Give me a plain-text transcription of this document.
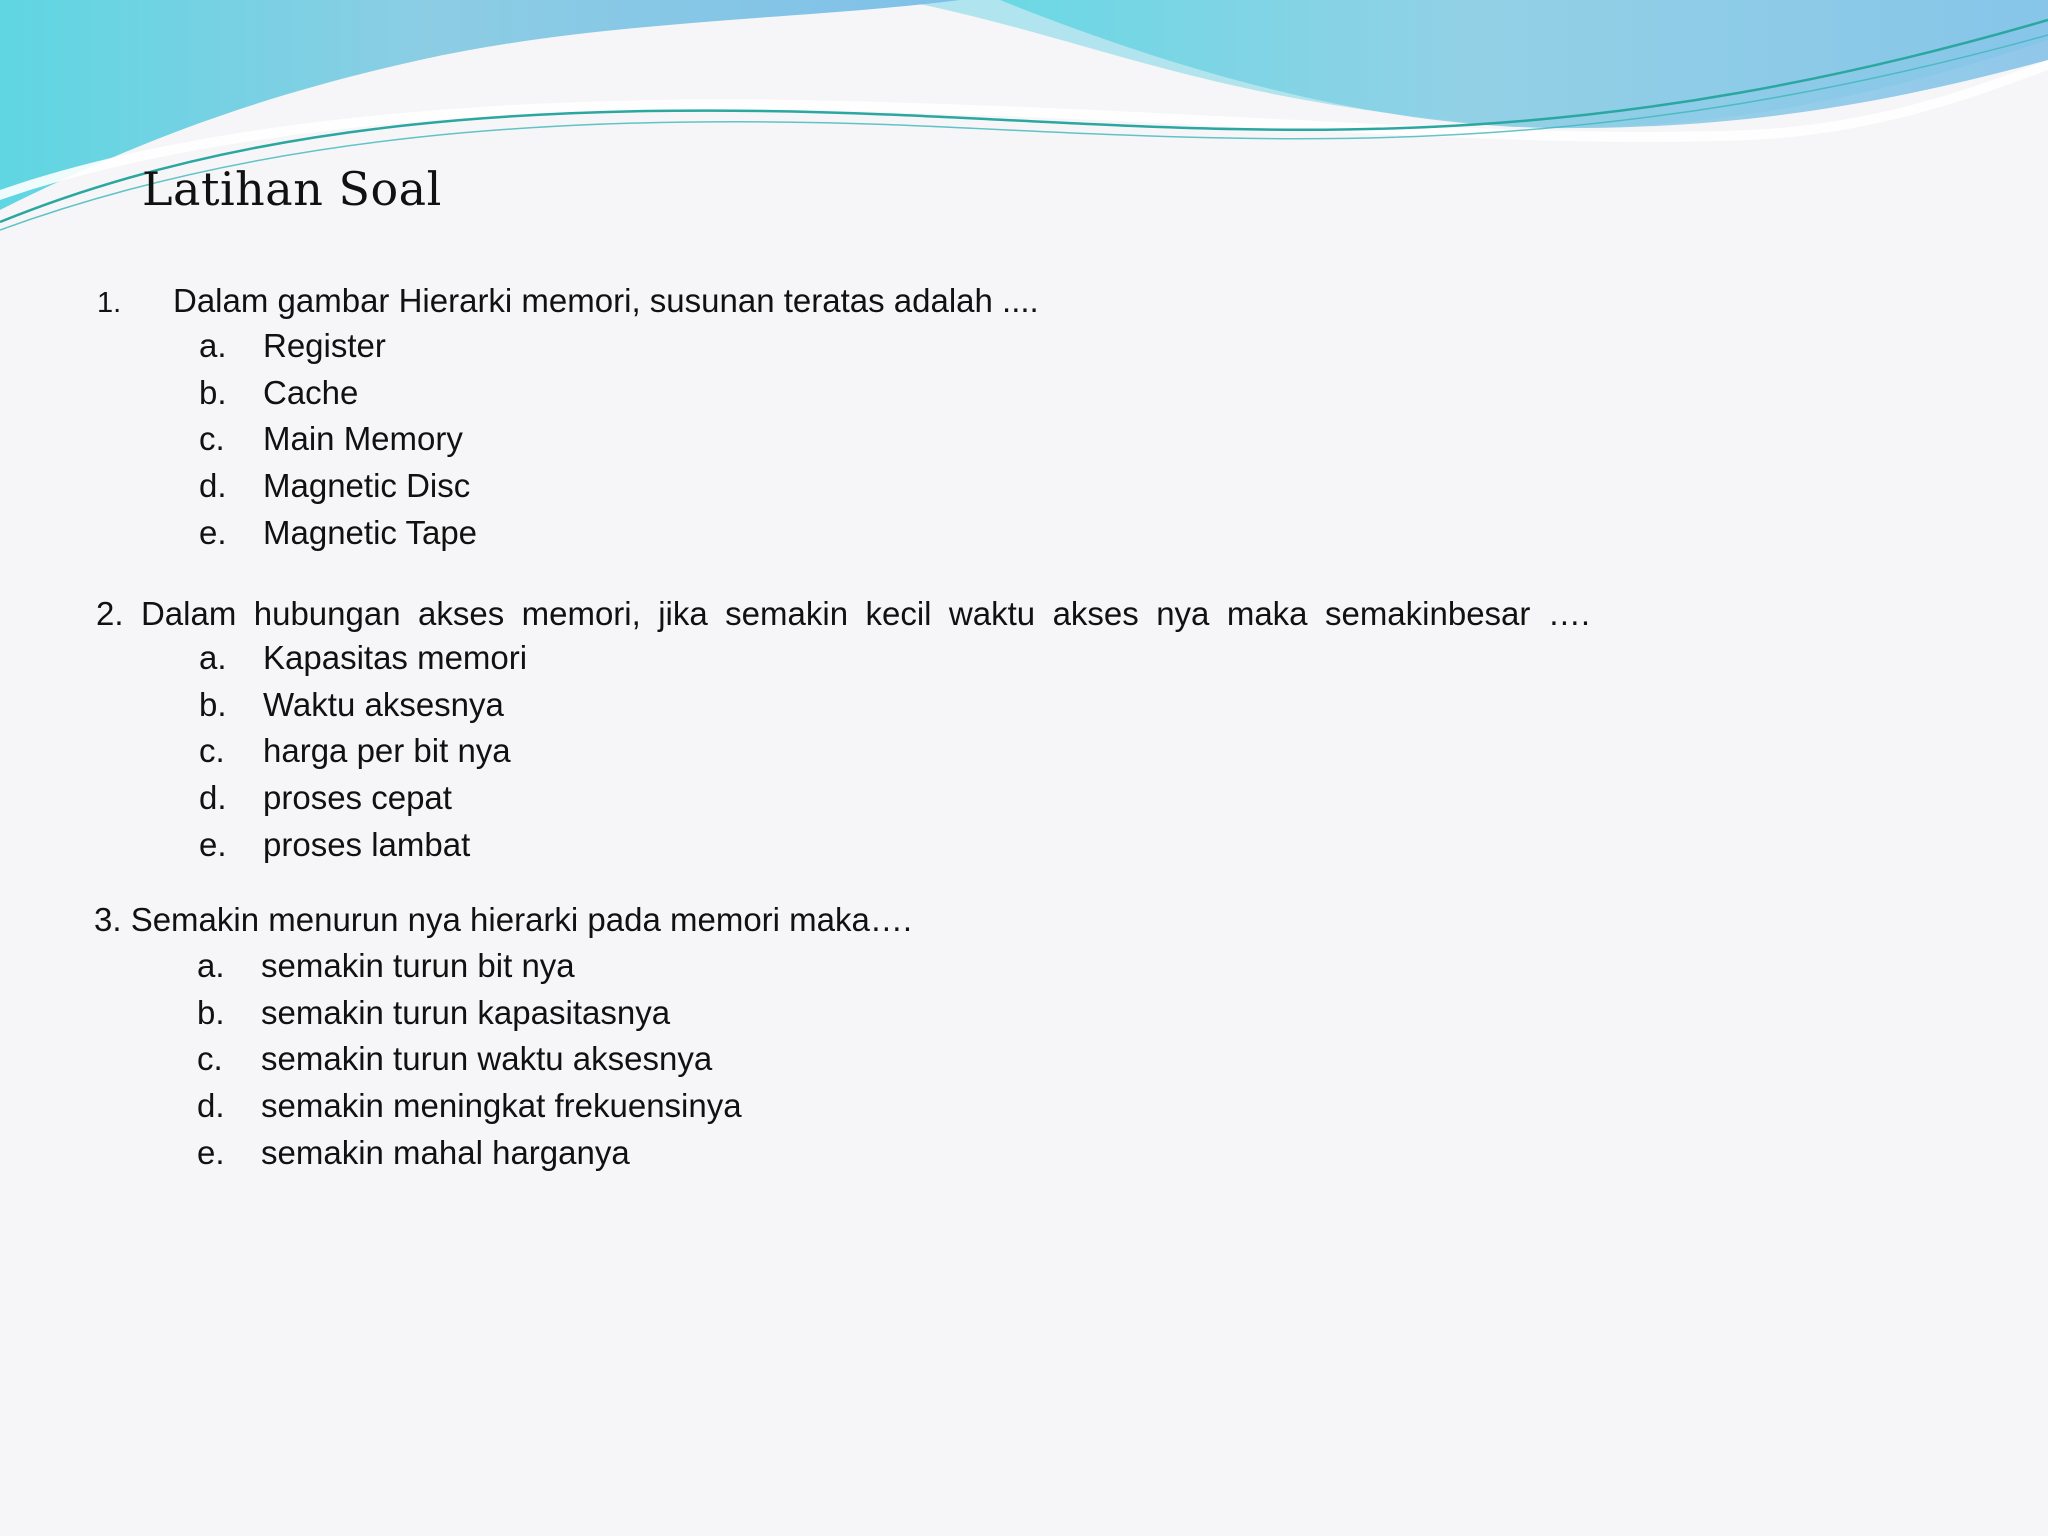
Latihan Soal
1. Dalam gambar Hierarki memori, susunan teratas adalah ....
a.	Register
b.	Cache
c.	Main Memory
d.	Magnetic Disc
e.	Magnetic Tape
2. Dalam hubungan akses memori, jika semakin kecil waktu akses nya maka semakinbesar ….
a.	Kapasitas memori
b.	Waktu aksesnya
c.	harga per bit nya
d.	proses cepat
e.	proses lambat
3. Semakin menurun nya hierarki pada memori maka….
a.	semakin turun bit nya
b.	semakin turun kapasitasnya
c.	semakin turun waktu aksesnya
d.	semakin meningkat frekuensinya
e.	semakin mahal harganya
